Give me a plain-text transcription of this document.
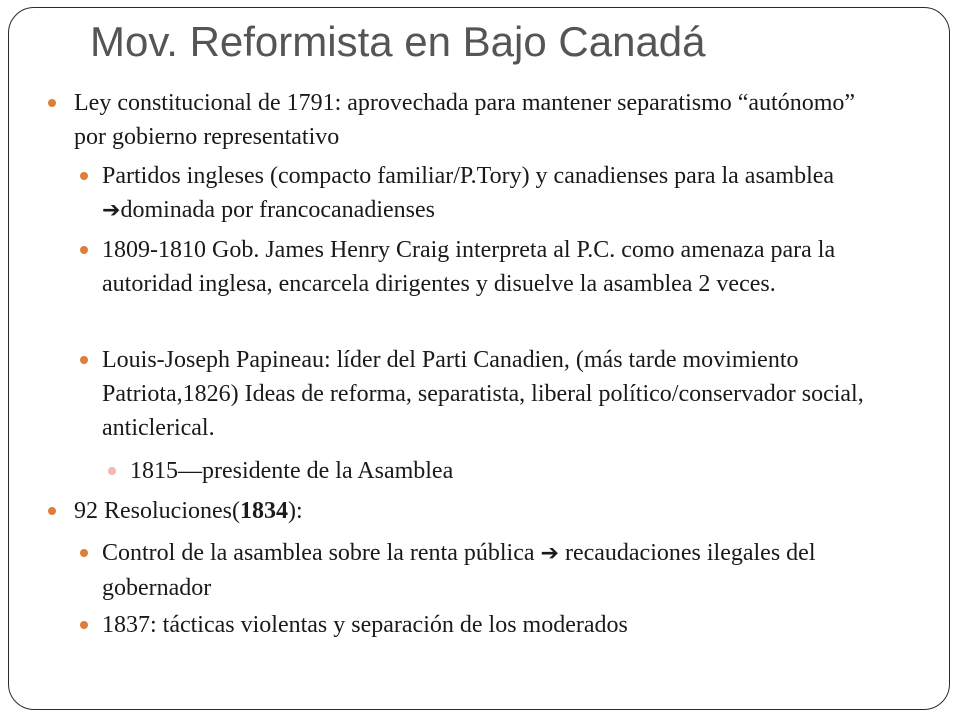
Mov. Reformista en Bajo Canadá
Ley constitucional de 1791: aprovechada para mantener separatismo “autónomo” por gobierno representativo
Partidos ingleses (compacto familiar/P.Tory) y canadienses para la asamblea ➔dominada por francocanadienses
1809-1810 Gob. James Henry Craig interpreta al P.C. como amenaza para la autoridad inglesa, encarcela dirigentes y disuelve la asamblea 2 veces.
Louis-Joseph Papineau: líder del Parti Canadien, (más tarde movimiento Patriota,1826) Ideas de reforma, separatista, liberal político/conservador social, anticlerical.
1815—presidente de la Asamblea
92 Resoluciones(1834):
Control de la asamblea sobre la renta pública ➔ recaudaciones ilegales del gobernador
1837: tácticas violentas y separación de los moderados
